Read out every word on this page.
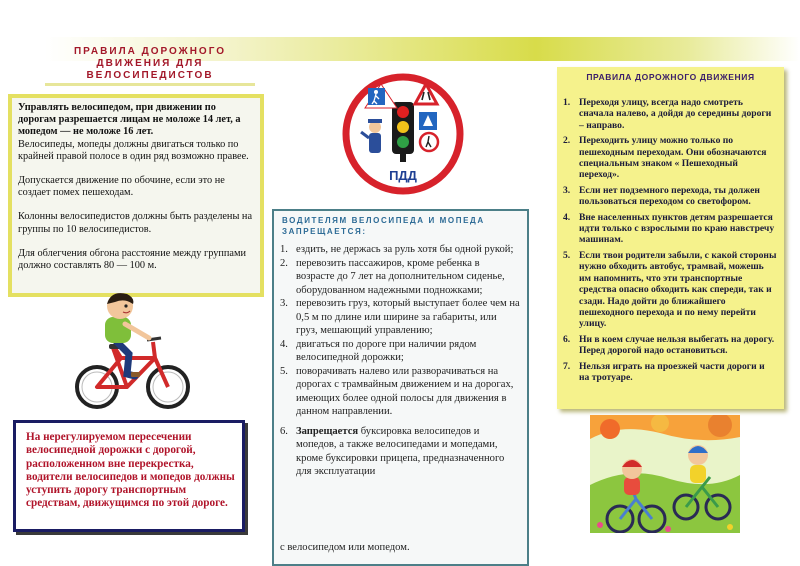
ПРАВИЛА ДОРОЖНОГО ДВИЖЕНИЯ ДЛЯ ВЕЛОСИПЕДИСТОВ

Управлять велосипедом, при движении по дорогам разрешается лицам не моложе 14 лет, а мопедом — не моложе 16 лет.

Велосипеды, мопеды должны двигаться только по крайней правой полосе в один ряд возможно правее.

Допускается движение по обочине, если это не создает помех пешеходам.

Колонны велосипедистов должны быть разделены на группы по 10 велосипедистов.

Для облегчения обгона расстояние между группами должно составлять 80 — 100 м.

На нерегулируемом пересечении велосипедной дорожки с дорогой, расположенном вне перекрестка, водители велосипедов и мопедов должны уступить дорогу транспортным средствам, движущимся по этой дороге.
ПДД
ВОДИТЕЛЯМ ВЕЛОСИПЕДА И МОПЕДА ЗАПРЕЩАЕТСЯ:
1. ездить, не держась за руль хотя бы одной рукой;
2. перевозить пассажиров, кроме ребенка в возрасте до 7 лет на дополнительном сиденье, оборудованном надежными подножками;
3. перевозить груз, который выступает более чем на 0,5 м по длине или ширине за габариты, или груз, мешающий управлению;
4. двигаться по дороге при наличии рядом велосипедной дорожки;
5. поворачивать налево или разворачиваться на дорогах с трамвайным движением и на дорогах, имеющих более одной полосы для движения в данном направлении.
6. Запрещается буксировка велосипедов и мопедов, а также велосипедами и мопедами, кроме буксировки прицепа, предназначенного для эксплуатации
с велосипедом или мопедом.
ПРАВИЛА ДОРОЖНОГО ДВИЖЕНИЯ
1. Переходя улицу, всегда надо смотреть сначала налево, а дойдя до середины дороги – направо.
2. Переходить улицу можно только по пешеходным переходам. Они обозначаются специальным знаком « Пешеходный переход».
3. Если нет подземного перехода, ты должен пользоваться переходом со светофором.
4. Вне населенных пунктов детям разрешается идти только с взрослыми по краю навстречу машинам.
5. Если твои родители забыли, с какой стороны нужно обходить автобус, трамвай, можешь им напомнить, что эти транспортные средства опасно обходить как спереди, так и сзади. Надо дойти до ближайшего пешеходного перехода и по нему перейти улицу.
6. Ни в коем случае нельзя выбегать на дорогу. Перед дорогой надо остановиться.
7. Нельзя играть на проезжей части дороги и на тротуаре.
